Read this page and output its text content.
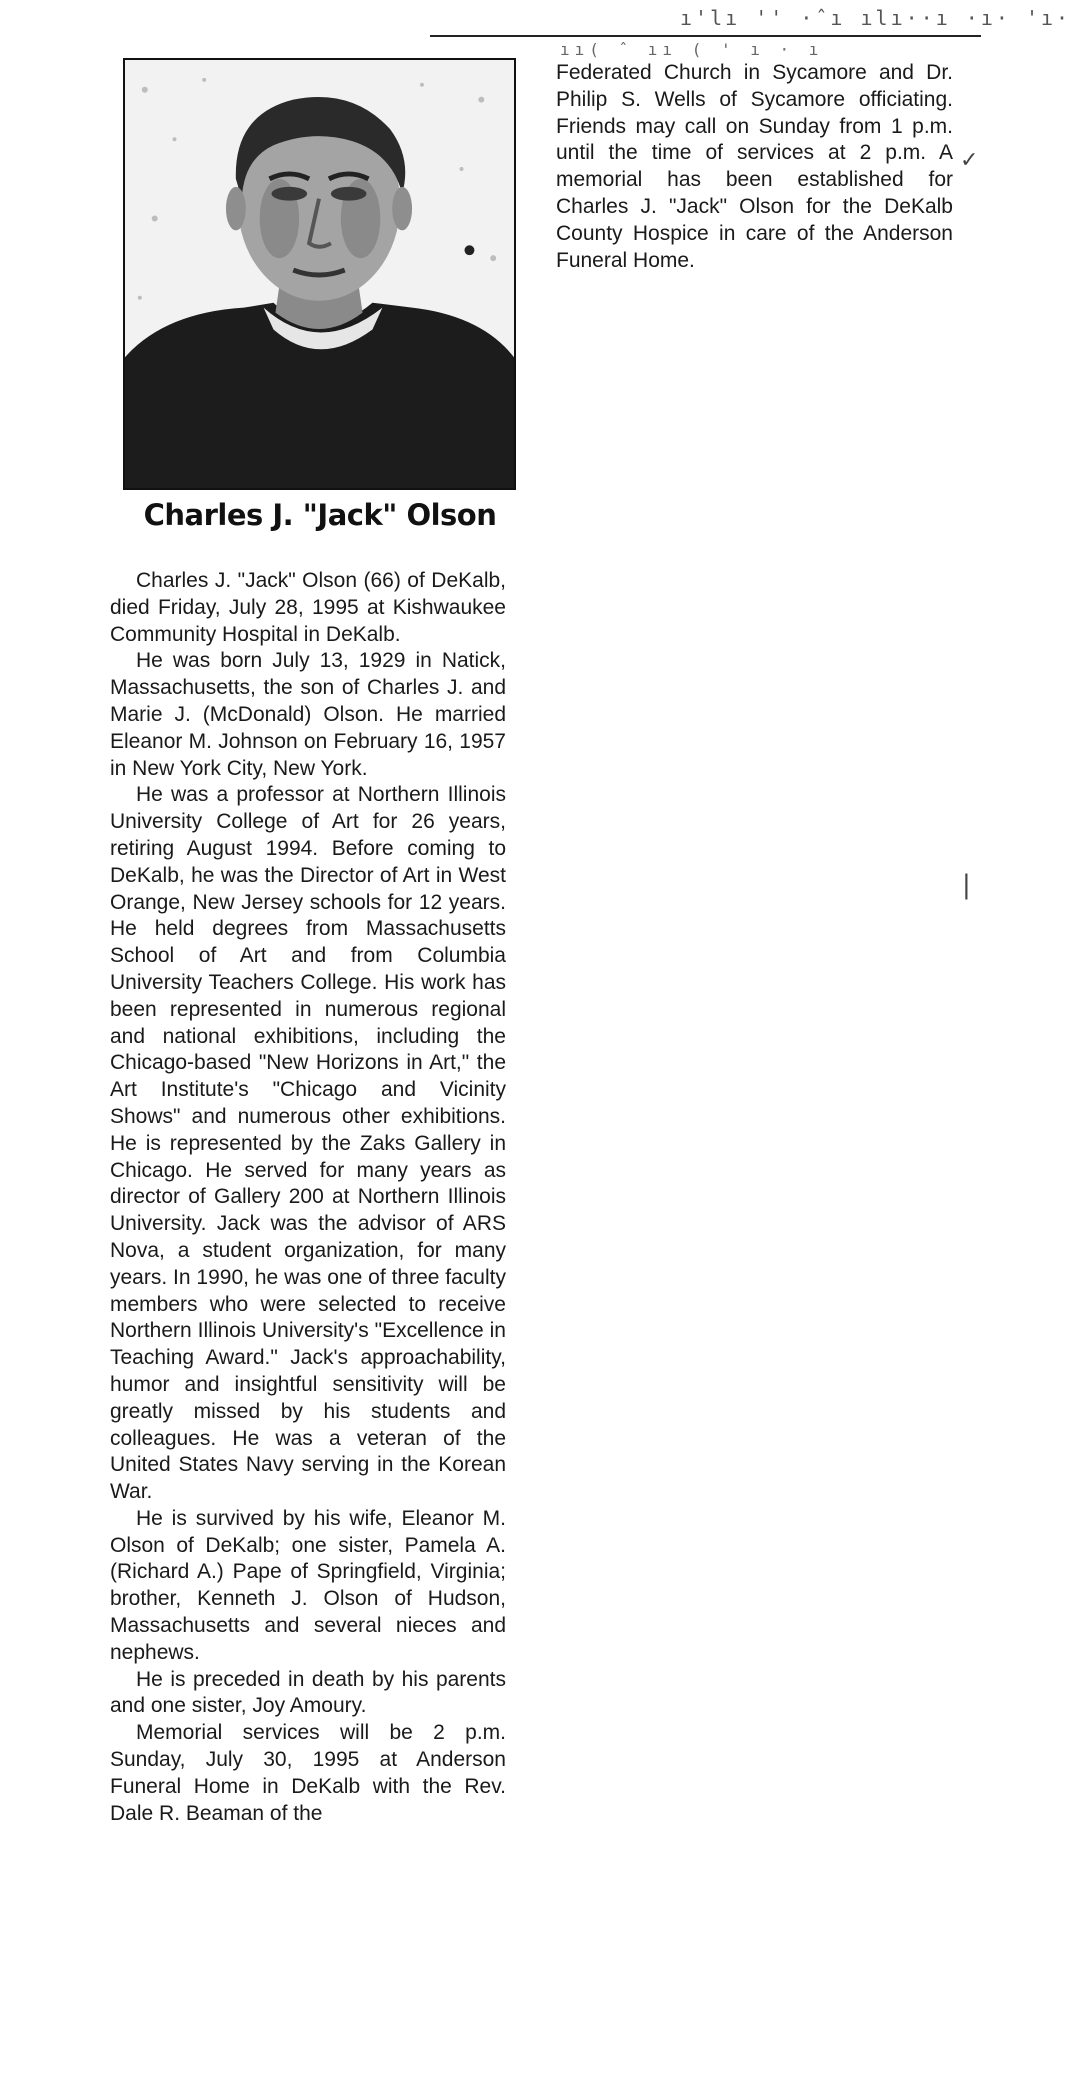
ı'lı '' ·ˆı ılı··ı ·ı· 'ı·
ıı( ˆ ıı ( ' ı · ı
Charles J. "Jack" Olson

Charles J. "Jack" Olson (66) of DeKalb, died Friday, July 28, 1995 at Kishwaukee Community Hospital in DeKalb.

He was born July 13, 1929 in Natick, Massachusetts, the son of Charles J. and Marie J. (McDonald) Olson. He married Eleanor M. Johnson on February 16, 1957 in New York City, New York.

He was a professor at Northern Illinois University College of Art for 26 years, retiring August 1994. Before coming to DeKalb, he was the Director of Art in West Orange, New Jersey schools for 12 years. He held degrees from Massachusetts School of Art and from Columbia University Teachers College. His work has been represented in numerous regional and national exhibitions, including the Chicago-based "New Horizons in Art," the Art Institute's "Chicago and Vicinity Shows" and numerous other exhibitions. He is represented by the Zaks Gallery in Chicago. He served for many years as director of Gallery 200 at Northern Illinois University. Jack was the advisor of ARS Nova, a student organization, for many years. In 1990, he was one of three faculty members who were selected to receive Northern Illinois University's "Excellence in Teaching Award." Jack's approachability, humor and insightful sensitivity will be greatly missed by his students and colleagues. He was a veteran of the United States Navy serving in the Korean War.

He is survived by his wife, Eleanor M. Olson of DeKalb; one sister, Pamela A. (Richard A.) Pape of Springfield, Virginia; brother, Kenneth J. Olson of Hudson, Massachusetts and several nieces and nephews.

He is preceded in death by his parents and one sister, Joy Amoury.

Memorial services will be 2 p.m. Sunday, July 30, 1995 at Anderson Funeral Home in DeKalb with the Rev. Dale R. Beaman of the

Federated Church in Sycamore and Dr. Philip S. Wells of Sycamore officiating. Friends may call on Sunday from 1 p.m. until the time of services at 2 p.m. A memorial has been established for Charles J. "Jack" Olson for the DeKalb County Hospice in care of the Anderson Funeral Home.

✓
|
